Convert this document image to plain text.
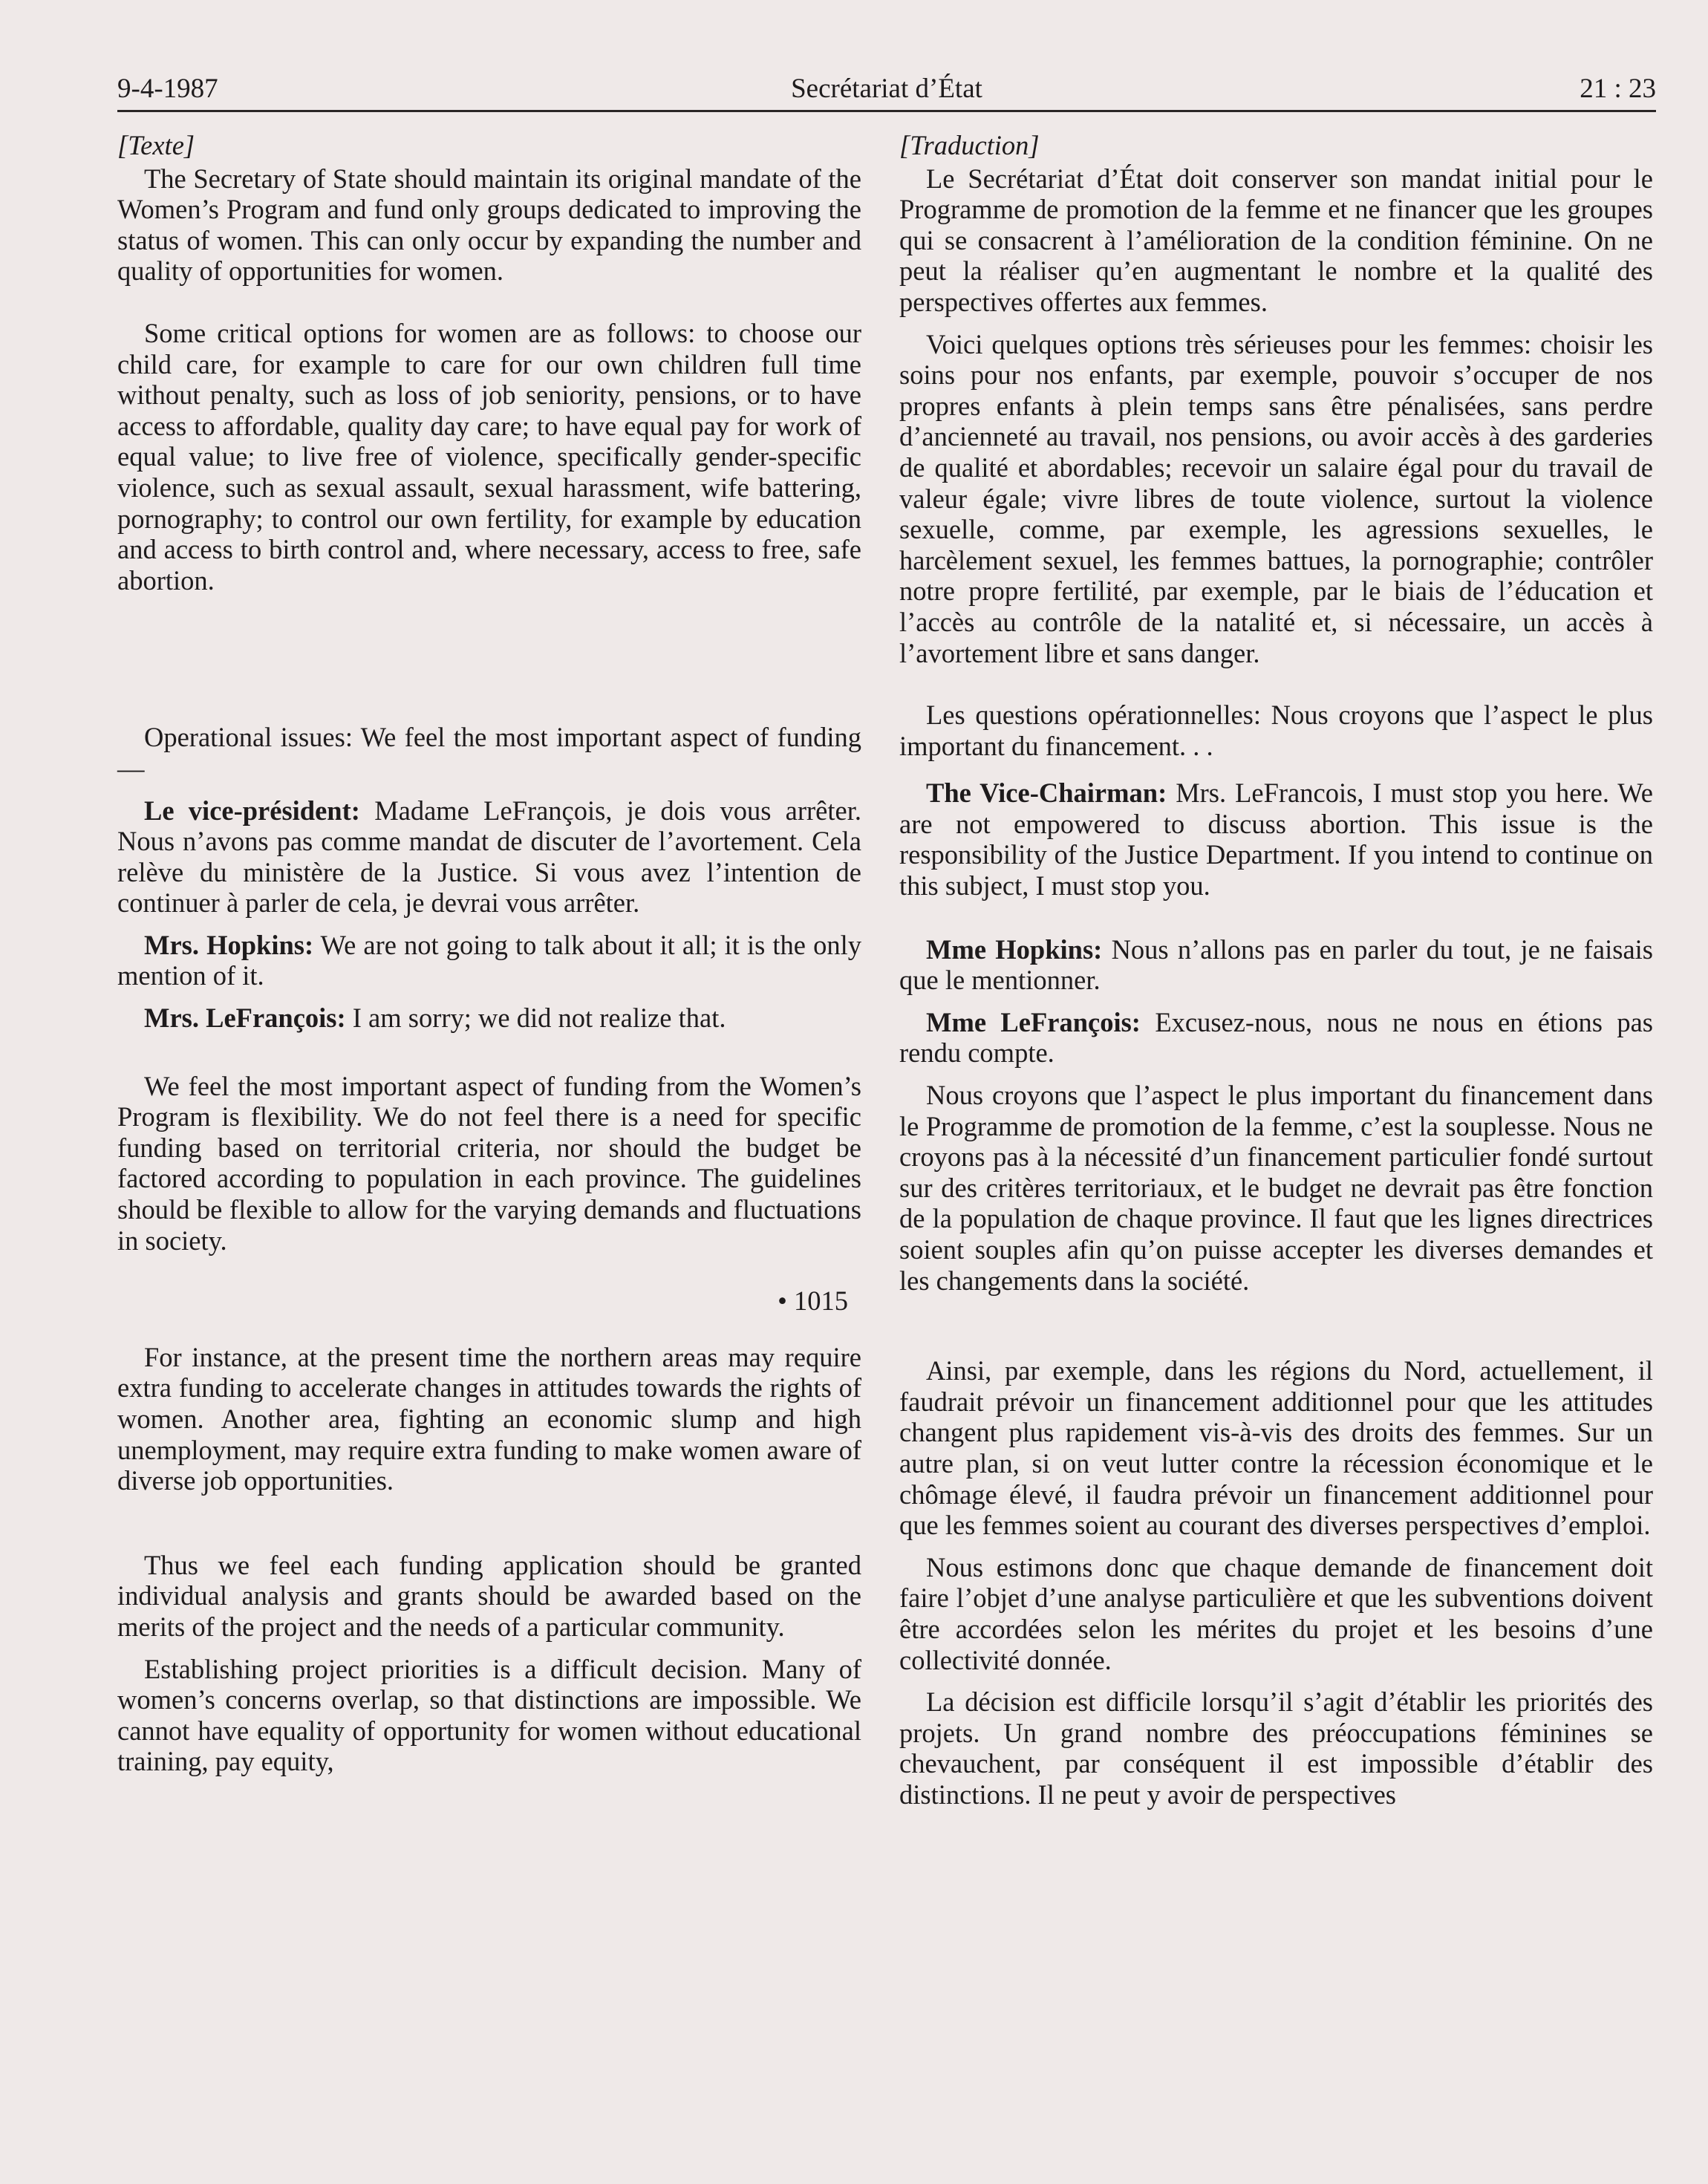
9-4-1987	Secrétariat d’État	21 : 23

[Texte]

The Secretary of State should maintain its original mandate of the Women’s Program and fund only groups dedicated to improving the status of women. This can only occur by expanding the number and quality of opportunities for women.

Some critical options for women are as follows: to choose our child care, for example to care for our own children full time without penalty, such as loss of job seniority, pensions, or to have access to affordable, quality day care; to have equal pay for work of equal value; to live free of violence, specifically gender-specific violence, such as sexual assault, sexual harassment, wife battering, pornography; to control our own fertility, for example by education and access to birth control and, where necessary, access to free, safe abortion.

Operational issues: We feel the most important aspect of funding—

Le vice-président: Madame LeFrançois, je dois vous arrêter. Nous n’avons pas comme mandat de discuter de l’avortement. Cela relève du ministère de la Justice. Si vous avez l’intention de continuer à parler de cela, je devrai vous arrêter.

Mrs. Hopkins: We are not going to talk about it all; it is the only mention of it.

Mrs. LeFrançois: I am sorry; we did not realize that.

We feel the most important aspect of funding from the Women’s Program is flexibility. We do not feel there is a need for specific funding based on territorial criteria, nor should the budget be factored according to population in each province. The guidelines should be flexible to allow for the varying demands and fluctuations in society.

• 1015

For instance, at the present time the northern areas may require extra funding to accelerate changes in attitudes towards the rights of women. Another area, fighting an economic slump and high unemployment, may require extra funding to make women aware of diverse job opportunities.

Thus we feel each funding application should be granted individual analysis and grants should be awarded based on the merits of the project and the needs of a particular community.

Establishing project priorities is a difficult decision. Many of women’s concerns overlap, so that distinctions are impossible. We cannot have equality of opportunity for women without educational training, pay equity,

[Traduction]

Le Secrétariat d’État doit conserver son mandat initial pour le Programme de promotion de la femme et ne financer que les groupes qui se consacrent à l’amélioration de la condition féminine. On ne peut la réaliser qu’en augmentant le nombre et la qualité des perspectives offertes aux femmes.

Voici quelques options très sérieuses pour les femmes: choisir les soins pour nos enfants, par exemple, pouvoir s’occuper de nos propres enfants à plein temps sans être pénalisées, sans perdre d’ancienneté au travail, nos pensions, ou avoir accès à des garderies de qualité et abordables; recevoir un salaire égal pour du travail de valeur égale; vivre libres de toute violence, surtout la violence sexuelle, comme, par exemple, les agressions sexuelles, le harcèlement sexuel, les femmes battues, la pornographie; contrôler notre propre fertilité, par exemple, par le biais de l’éducation et l’accès au contrôle de la natalité et, si nécessaire, un accès à l’avortement libre et sans danger.

Les questions opérationnelles: Nous croyons que l’aspect le plus important du financement. . .

The Vice-Chairman: Mrs. LeFrancois, I must stop you here. We are not empowered to discuss abortion. This issue is the responsibility of the Justice Department. If you intend to continue on this subject, I must stop you.

Mme Hopkins: Nous n’allons pas en parler du tout, je ne faisais que le mentionner.

Mme LeFrançois: Excusez-nous, nous ne nous en étions pas rendu compte.

Nous croyons que l’aspect le plus important du financement dans le Programme de promotion de la femme, c’est la souplesse. Nous ne croyons pas à la nécessité d’un financement particulier fondé surtout sur des critères territoriaux, et le budget ne devrait pas être fonction de la population de chaque province. Il faut que les lignes directrices soient souples afin qu’on puisse accepter les diverses demandes et les changements dans la société.

Ainsi, par exemple, dans les régions du Nord, actuellement, il faudrait prévoir un financement additionnel pour que les attitudes changent plus rapidement vis-à-vis des droits des femmes. Sur un autre plan, si on veut lutter contre la récession économique et le chômage élevé, il faudra prévoir un financement additionnel pour que les femmes soient au courant des diverses perspectives d’emploi.

Nous estimons donc que chaque demande de financement doit faire l’objet d’une analyse particulière et que les subventions doivent être accordées selon les mérites du projet et les besoins d’une collectivité donnée.

La décision est difficile lorsqu’il s’agit d’établir les priorités des projets. Un grand nombre des préoccupations féminines se chevauchent, par conséquent il est impossible d’établir des distinctions. Il ne peut y avoir de perspectives
